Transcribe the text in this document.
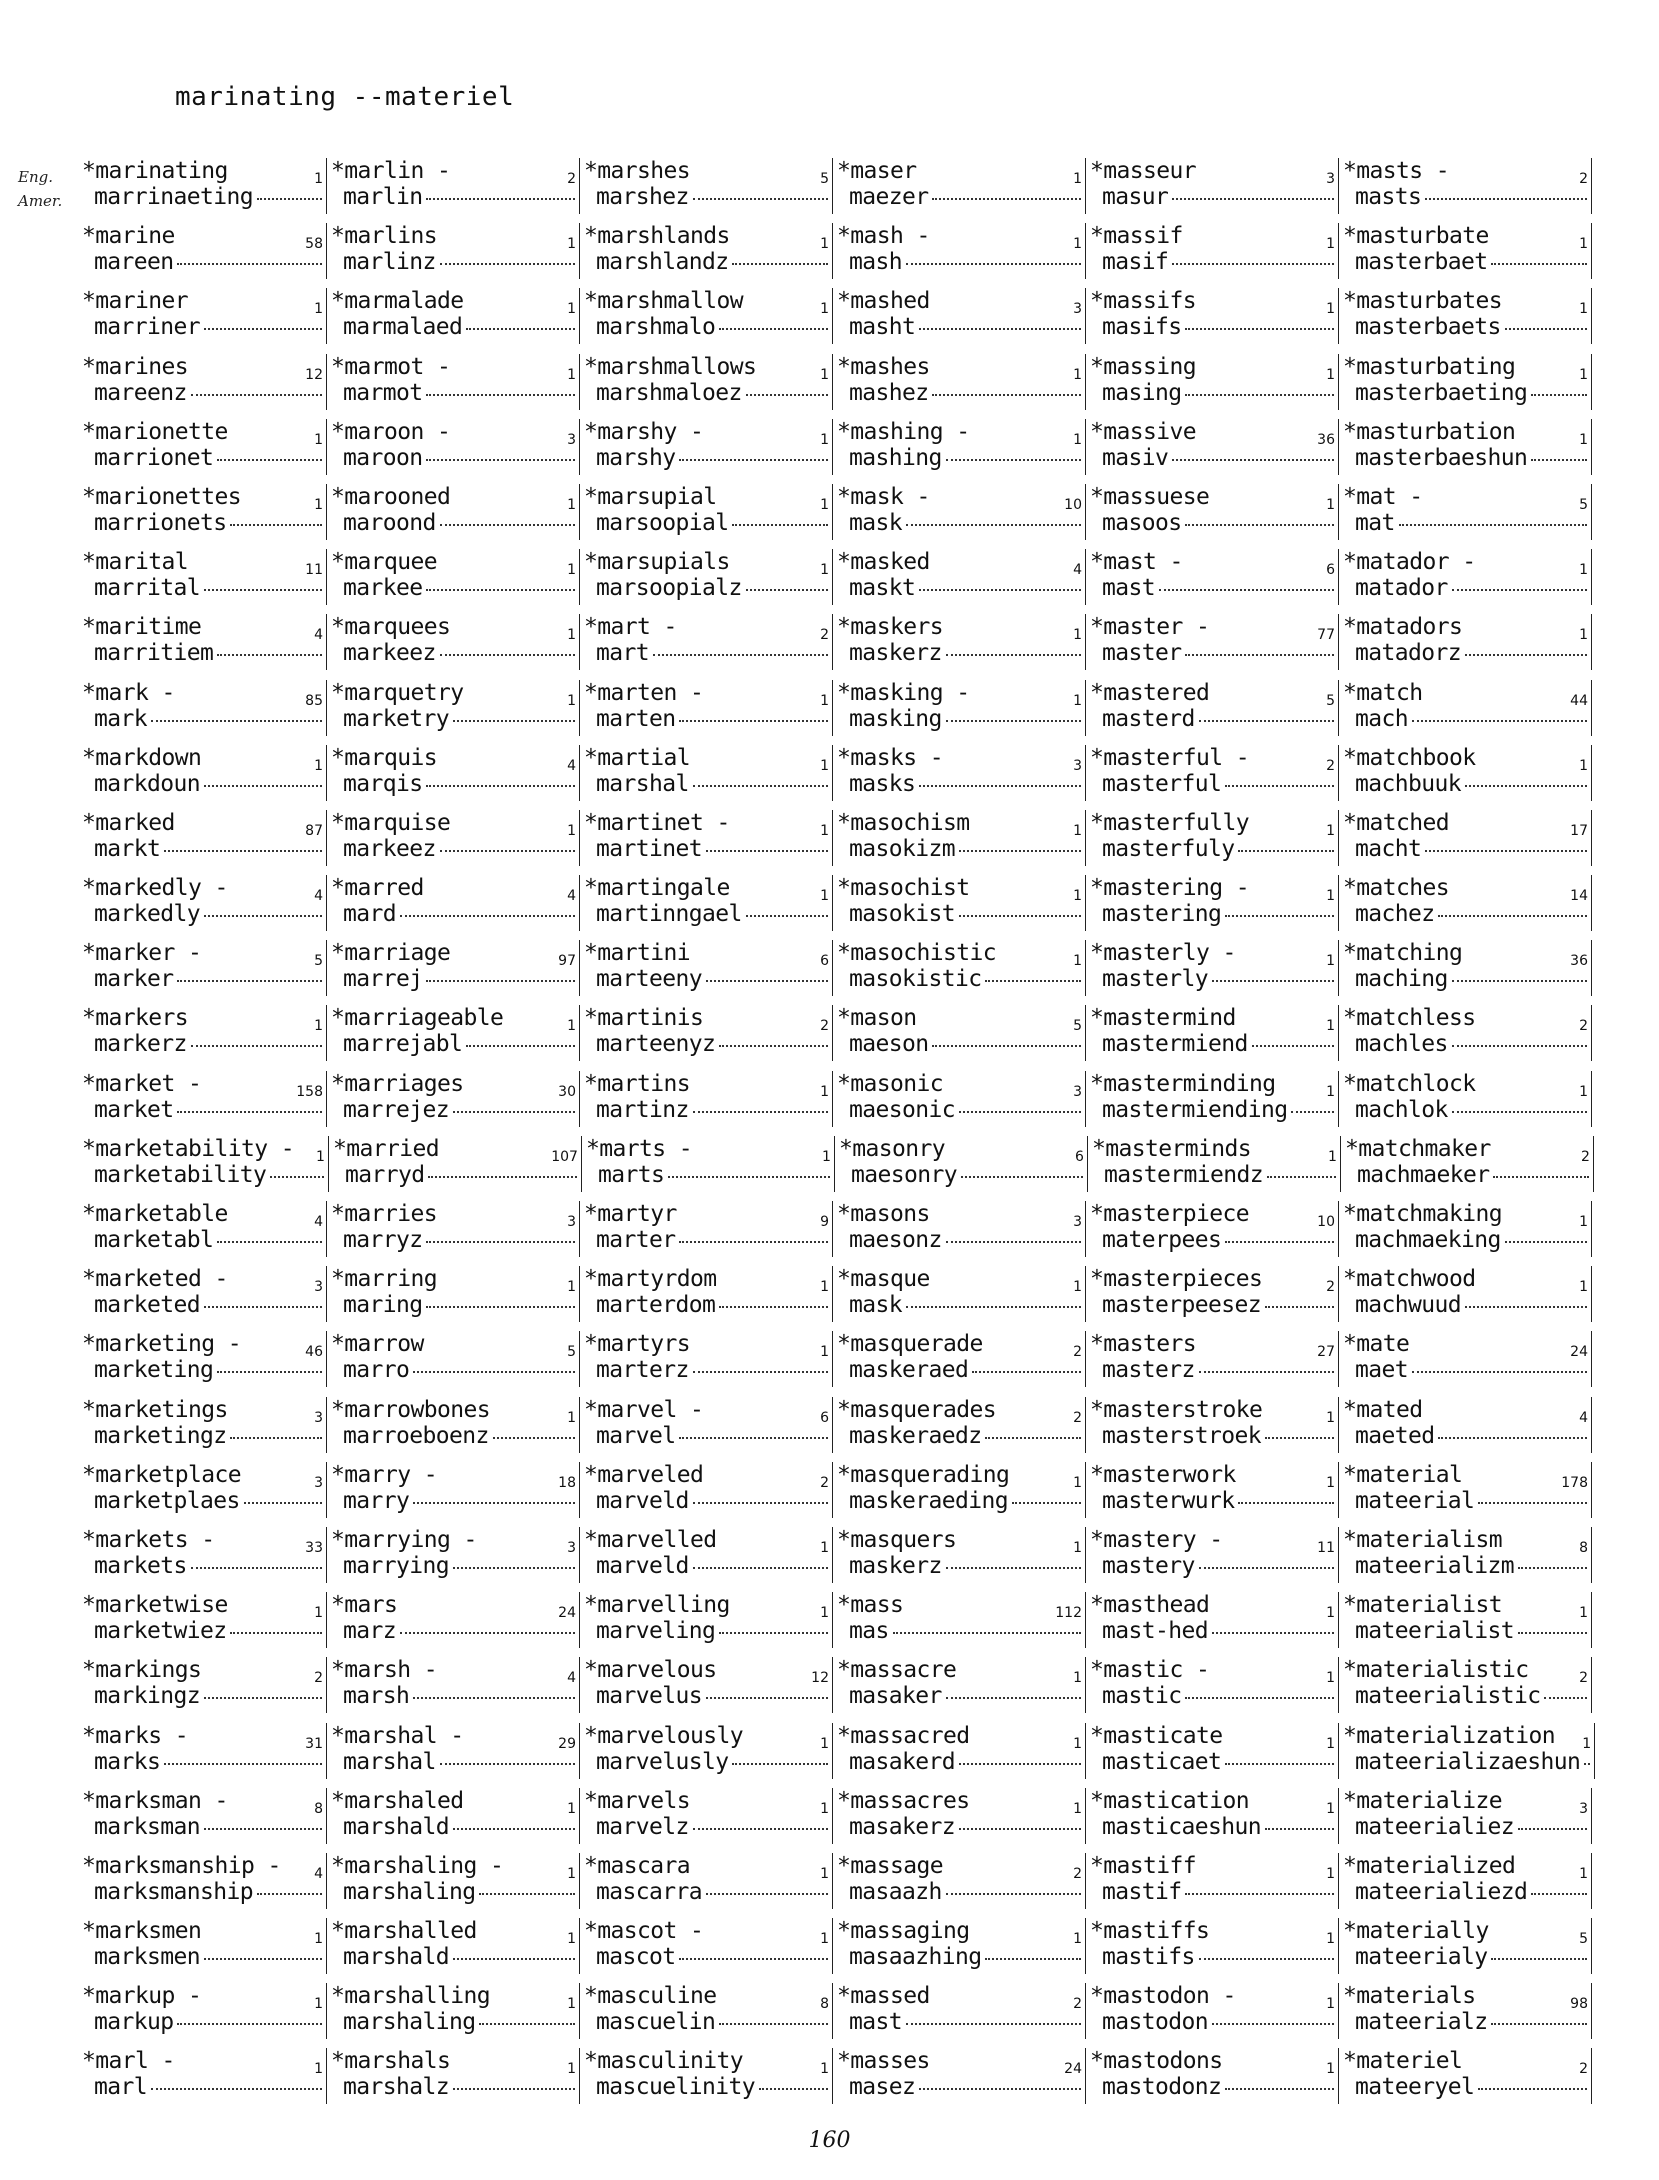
marinating --materiel
Eng.
Amer.
*marinating	1
marrinaeting
*marlin -	2
marlin
*marshes	5
marshez
*maser	1
maezer
*masseur	3
masur
*masts -	2
masts
*marine	58
mareen
*marlins	1
marlinz
*marshlands	1
marshlandz
*mash -	1
mash
*massif	1
masif
*masturbate	1
masterbaet
*mariner	1
marriner
*marmalade	1
marmalaed
*marshmallow	1
marshmalo
*mashed	3
masht
*massifs	1
masifs
*masturbates	1
masterbaets
*marines	12
mareenz
*marmot -	1
marmot
*marshmallows	1
marshmaloez
*mashes	1
mashez
*massing	1
masing
*masturbating	1
masterbaeting
*marionette	1
marrionet
*maroon -	3
maroon
*marshy -	1
marshy
*mashing -	1
mashing
*massive	36
masiv
*masturbation	1
masterbaeshun
*marionettes	1
marrionets
*marooned	1
maroond
*marsupial	1
marsoopial
*mask -	10
mask
*massuese	1
masoos
*mat -	5
mat
*marital	11
marrital
*marquee	1
markee
*marsupials	1
marsoopialz
*masked	4
maskt
*mast -	6
mast
*matador -	1
matador
*maritime	4
marritiem
*marquees	1
markeez
*mart -	2
mart
*maskers	1
maskerz
*master -	77
master
*matadors	1
matadorz
*mark -	85
mark
*marquetry	1
marketry
*marten -	1
marten
*masking -	1
masking
*mastered	5
masterd
*match	44
mach
*markdown	1
markdoun
*marquis	4
marqis
*martial	1
marshal
*masks -	3
masks
*masterful -	2
masterful
*matchbook	1
machbuuk
*marked	87
markt
*marquise	1
markeez
*martinet -	1
martinet
*masochism	1
masokizm
*masterfully	1
masterfuly
*matched	17
macht
*markedly -	4
markedly
*marred	4
mard
*martingale	1
martinngael
*masochist	1
masokist
*mastering -	1
mastering
*matches	14
machez
*marker -	5
marker
*marriage	97
marrej
*martini	6
marteeny
*masochistic	1
masokistic
*masterly -	1
masterly
*matching	36
maching
*markers	1
markerz
*marriageable	1
marrejabl
*martinis	2
marteenyz
*mason	5
maeson
*mastermind	1
mastermiend
*matchless	2
machles
*market -	158
market
*marriages	30
marrejez
*martins	1
martinz
*masonic	3
maesonic
*masterminding	1
mastermiending
*matchlock	1
machlok
*marketability -	1
marketability
*married	107
marryd
*marts -	1
marts
*masonry	6
maesonry
*masterminds	1
mastermiendz
*matchmaker	2
machmaeker
*marketable	4
marketabl
*marries	3
marryz
*martyr	9
marter
*masons	3
maesonz
*masterpiece	10
materpees
*matchmaking	1
machmaeking
*marketed -	3
marketed
*marring	1
maring
*martyrdom	1
marterdom
*masque	1
mask
*masterpieces	2
masterpeesez
*matchwood	1
machwuud
*marketing -	46
marketing
*marrow	5
marro
*martyrs	1
marterz
*masquerade	2
maskeraed
*masters	27
masterz
*mate	24
maet
*marketings	3
marketingz
*marrowbones	1
marroeboenz
*marvel -	6
marvel
*masquerades	2
maskeraedz
*masterstroke	1
masterstroek
*mated	4
maeted
*marketplace	3
marketplaes
*marry -	18
marry
*marveled	2
marveld
*masquerading	1
maskeraeding
*masterwork	1
masterwurk
*material	178
mateerial
*markets -	33
markets
*marrying -	3
marrying
*marvelled	1
marveld
*masquers	1
maskerz
*mastery -	11
mastery
*materialism	8
mateerializm
*marketwise	1
marketwiez
*mars	24
marz
*marvelling	1
marveling
*mass	112
mas
*masthead	1
mast-hed
*materialist	1
mateerialist
*markings	2
markingz
*marsh -	4
marsh
*marvelous	12
marvelus
*massacre	1
masaker
*mastic -	1
mastic
*materialistic	2
mateerialistic
*marks -	31
marks
*marshal -	29
marshal
*marvelously	1
marvelusly
*massacred	1
masakerd
*masticate	1
masticaet
*materialization	1
mateerializaeshun
*marksman -	8
marksman
*marshaled	1
marshald
*marvels	1
marvelz
*massacres	1
masakerz
*mastication	1
masticaeshun
*materialize	3
mateerialiez
*marksmanship -	4
marksmanship
*marshaling -	1
marshaling
*mascara	1
mascarra
*massage	2
masaazh
*mastiff	1
mastif
*materialized	1
mateerialiezd
*marksmen	1
marksmen
*marshalled	1
marshald
*mascot -	1
mascot
*massaging	1
masaazhing
*mastiffs	1
mastifs
*materially	5
mateerialy
*markup -	1
markup
*marshalling	1
marshaling
*masculine	8
mascuelin
*massed	2
mast
*mastodon -	1
mastodon
*materials	98
mateerialz
*marl -	1
marl
*marshals	1
marshalz
*masculinity	1
mascuelinity
*masses	24
masez
*mastodons	1
mastodonz
*materiel	2
mateeryel
160
